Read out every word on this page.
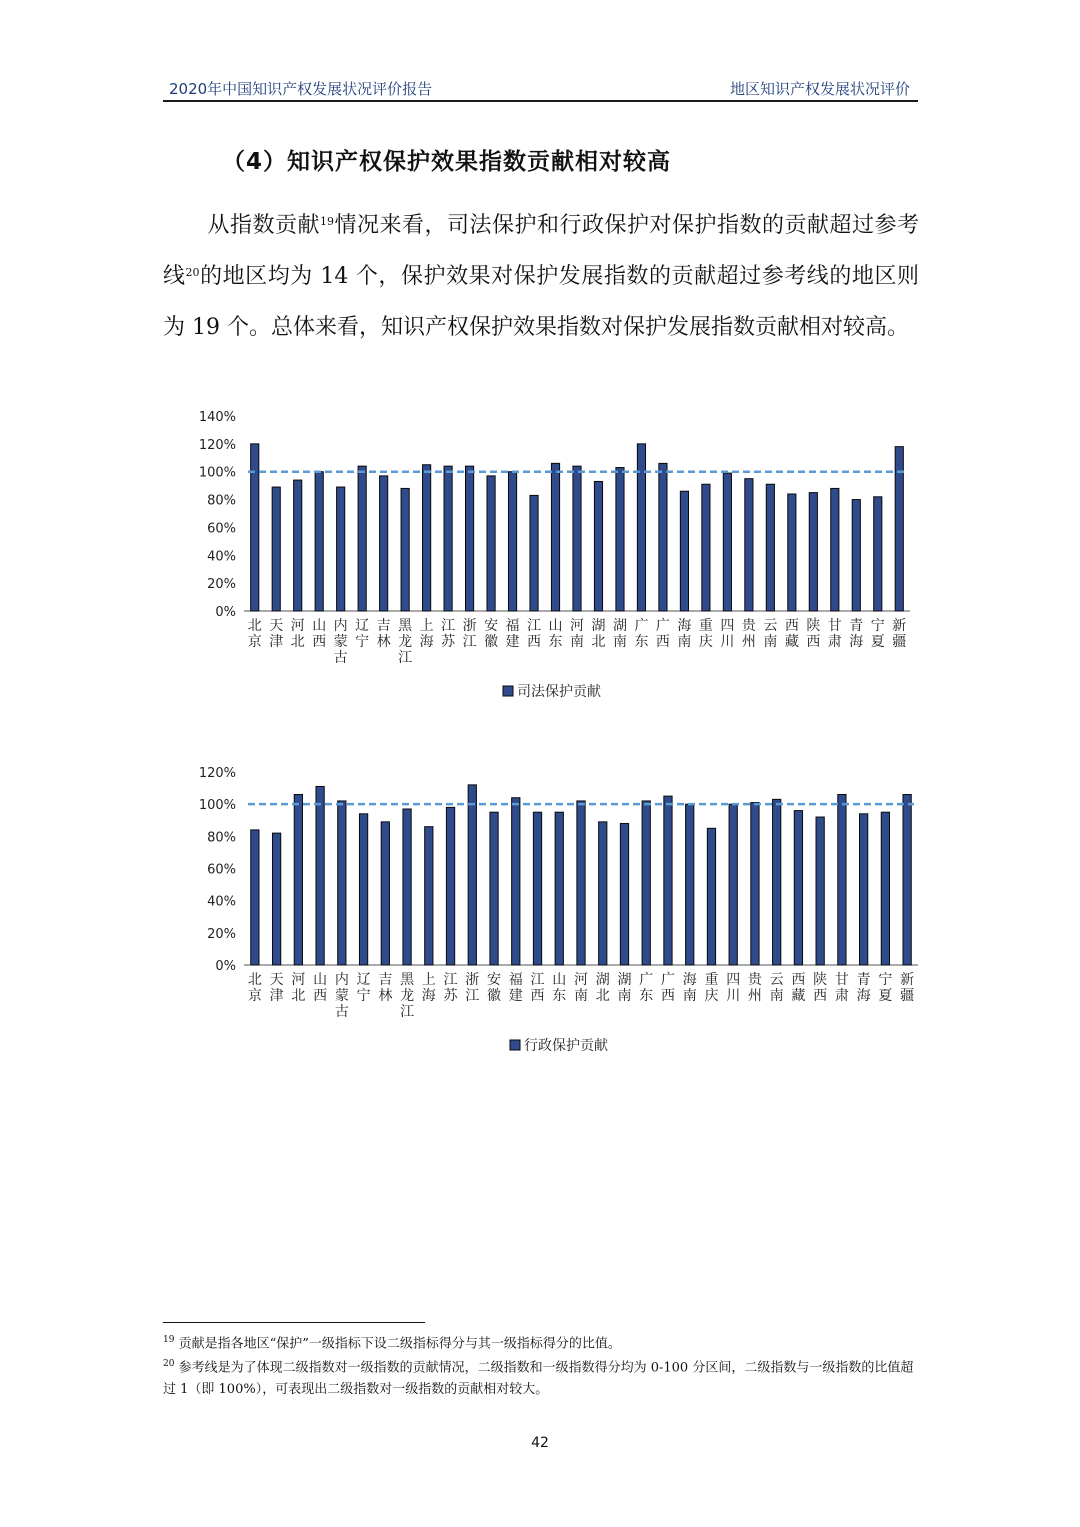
2020年中国知识产权发展状况评价报告	地区知识产权发展状况评价
（4）知识产权保护效果指数贡献相对较高
从指数贡献$^{19}$情况来看，司法保护和行政保护对保护指数的贡献超过参考线$^{20}$的地区均为 14 个，保护效果对保护发展指数的贡献超过参考线的地区则为 19 个。总体来看，知识产权保护效果指数对保护发展指数贡献相对较高。
0%
20%
40%
60%
80%
100%
120%
140%
北
京
天
津
河
北
山
西
内
蒙
古
辽
宁
吉
林
黑
龙
江
上
海
江
苏
浙
江
安
徽
福
建
江
西
山
东
河
南
湖
北
湖
南
广
东
广
西
海
南
重
庆
四
川
贵
州
云
南
西
藏
陕
西
甘
肃
青
海
宁
夏
新
疆
司法保护贡献
0%
20%
40%
60%
80%
100%
120%
北
京
天
津
河
北
山
西
内
蒙
古
辽
宁
吉
林
黑
龙
江
上
海
江
苏
浙
江
安
徽
福
建
江
西
山
东
河
南
湖
北
湖
南
广
东
广
西
海
南
重
庆
四
川
贵
州
云
南
西
藏
陕
西
甘
肃
青
海
宁
夏
新
疆
行政保护贡献

$^{19}$ 贡献是指各地区“保护”一级指标下设二级指标得分与其一级指标得分的比值。

$^{20}$ 参考线是为了体现二级指数对一级指数的贡献情况，二级指数和一级指数得分均为 0-100 分区间，二级指数与一级指数的比值超过 1（即 100%），可表现出二级指数对一级指数的贡献相对较大。

42
